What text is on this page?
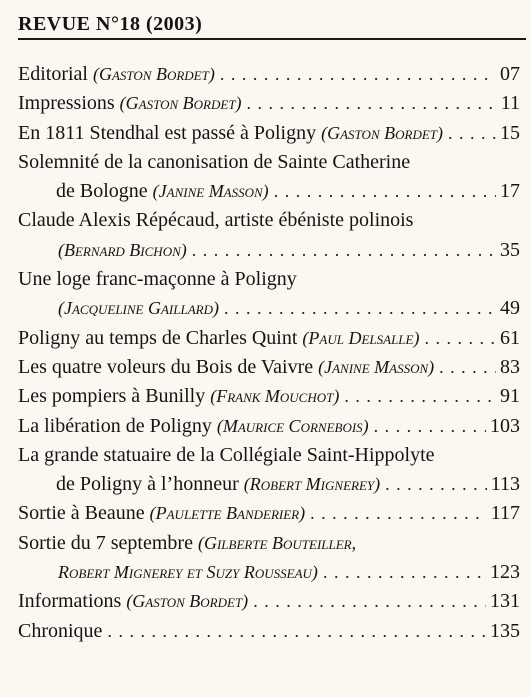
REVUE N°18 (2003)
Editorial (Gaston Bordet) . . .	07
Impressions (Gaston Bordet) . . .	11
En 1811 Stendhal est passé à Poligny (Gaston Bordet) . . .	15
Solemnité de la canonisation de Sainte Catherine
de Bologne (Janine Masson) . . .	17
Claude Alexis Répécaud, artiste ébéniste polinois
(Bernard Bichon) . . .	35
Une loge franc-maçonne à Poligny
(Jacqueline Gaillard) . . .	49
Poligny au temps de Charles Quint (Paul Delsalle) . . .	61
Les quatre voleurs du Bois de Vaivre (Janine Masson) . . .	83
Les pompiers à Bunilly (Frank Mouchot) . . .	91
La libération de Poligny (Maurice Cornebois) . . .	103
La grande statuaire de la Collégiale Saint-Hippolyte
de Poligny à l’honneur (Robert Mignerey) . . .	113
Sortie à Beaune (Paulette Banderier) . . .	117
Sortie du 7 septembre (Gilberte Bouteiller,
Robert Mignerey et Suzy Rousseau) . . .	123
Informations (Gaston Bordet) . . .	131
Chronique . . .	135
